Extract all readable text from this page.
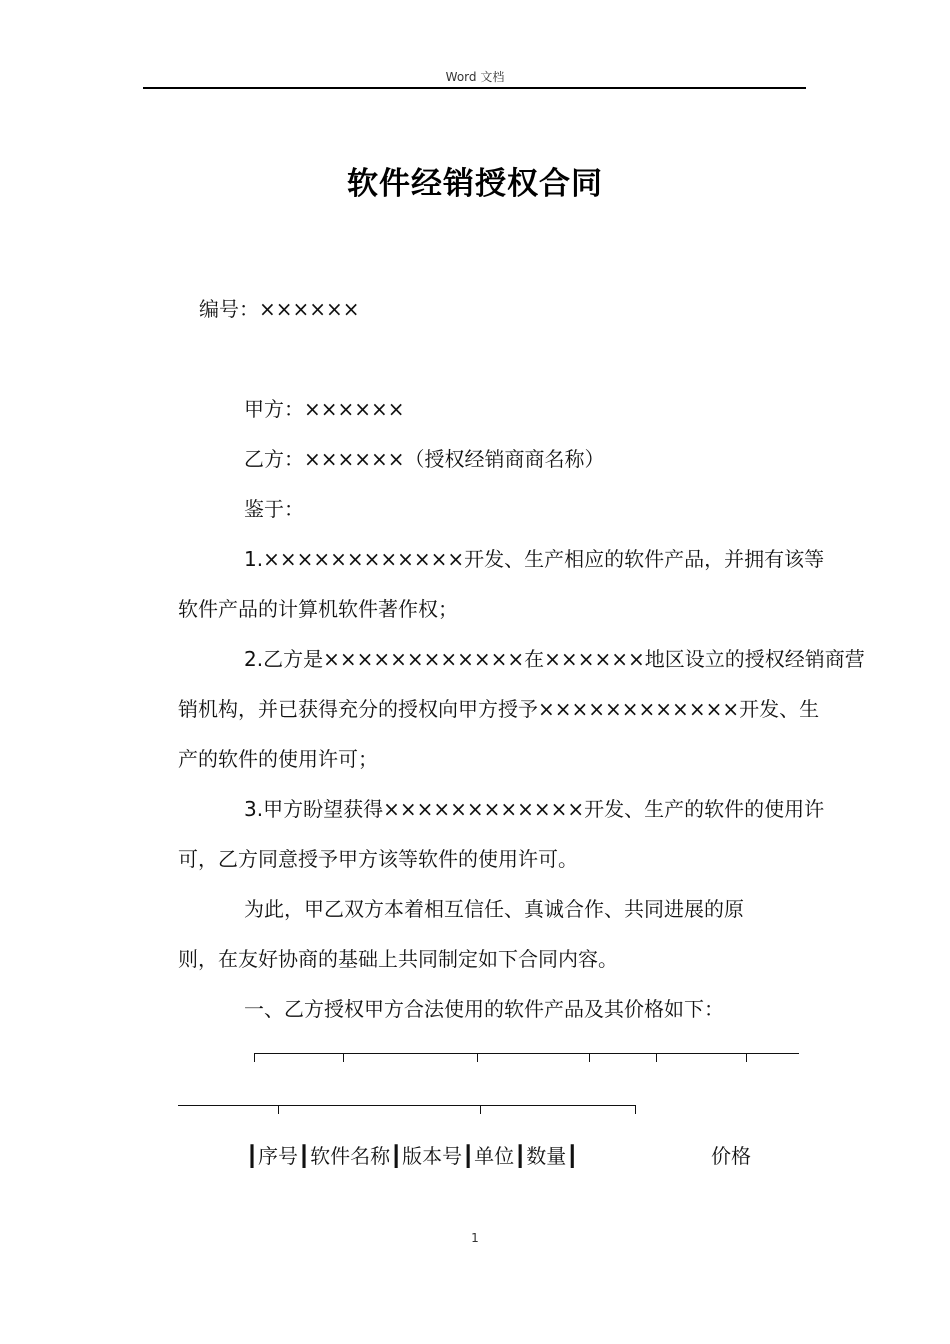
Word 文档
软件经销授权合同
编号：××××××
甲方：××××××
乙方：××××××（授权经销商商名称）
鉴于：
1.××××××××××××开发、生产相应的软件产品，并拥有该等
软件产品的计算机软件著作权；
2.乙方是××××××××××××在××××××地区设立的授权经销商营
销机构，并已获得充分的授权向甲方授予××××××××××××开发、生
产的软件的使用许可；
3.甲方盼望获得××××××××××××开发、生产的软件的使用许
可，乙方同意授予甲方该等软件的使用许可。
为此，甲乙双方本着相互信任、真诚合作、共同进展的原
则，在友好协商的基础上共同制定如下合同内容。
一、乙方授权甲方合法使用的软件产品及其价格如下：
┃序号┃软件名称┃版本号┃单位┃数量┃	价格
1
